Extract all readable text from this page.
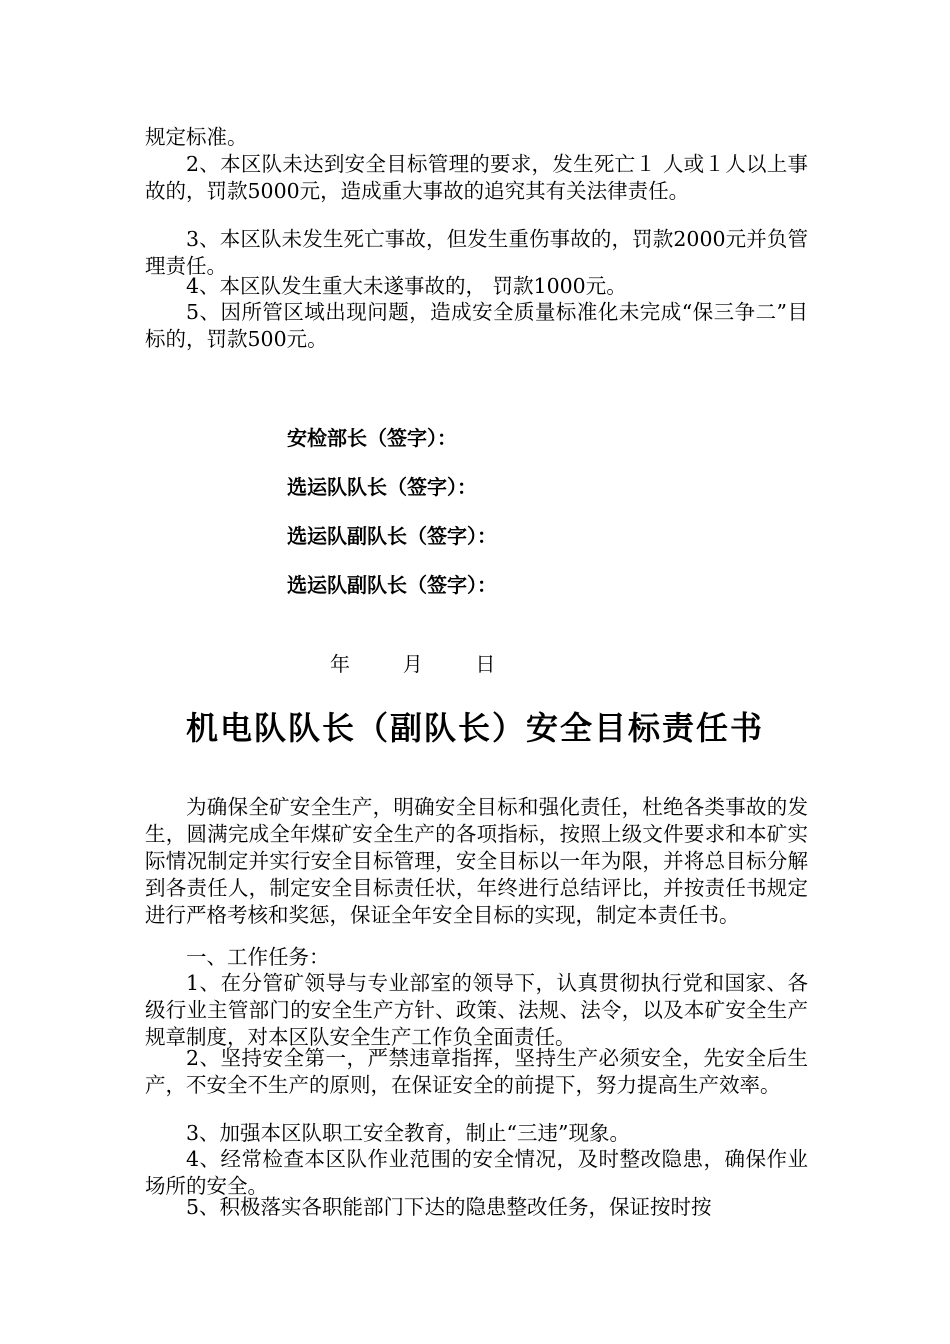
规定标准。

2、本区队未达到安全目标管理的要求，发生死亡１ 人或１人以上事故的，罚款5000元，造成重大事故的追究其有关法律责任。

3、本区队未发生死亡事故，但发生重伤事故的，罚款2000元并负管理责任。

4、本区队发生重大未遂事故的， 罚款1000元。

5、因所管区域出现问题，造成安全质量标准化未完成“保三争二”目标的，罚款500元。

安检部长（签字）：

选运队队长（签字）：

选运队副队长（签字）：

选运队副队长（签字）：

年  月  日

机电队队长（副队长）安全目标责任书

为确保全矿安全生产，明确安全目标和强化责任，杜绝各类事故的发生，圆满完成全年煤矿安全生产的各项指标，按照上级文件要求和本矿实际情况制定并实行安全目标管理，安全目标以一年为限，并将总目标分解到各责任人，制定安全目标责任状，年终进行总结评比，并按责任书规定进行严格考核和奖惩，保证全年安全目标的实现，制定本责任书。

一、工作任务：

1、在分管矿领导与专业部室的领导下，认真贯彻执行党和国家、各级行业主管部门的安全生产方针、政策、法规、法令，以及本矿安全生产规章制度，对本区队安全生产工作负全面责任。

2、坚持安全第一，严禁违章指挥，坚持生产必须安全，先安全后生产，不安全不生产的原则，在保证安全的前提下，努力提高生产效率。

3、加强本区队职工安全教育，制止“三违”现象。

4、经常检查本区队作业范围的安全情况，及时整改隐患，确保作业场所的安全。

5、积极落实各职能部门下达的隐患整改任务，保证按时按
